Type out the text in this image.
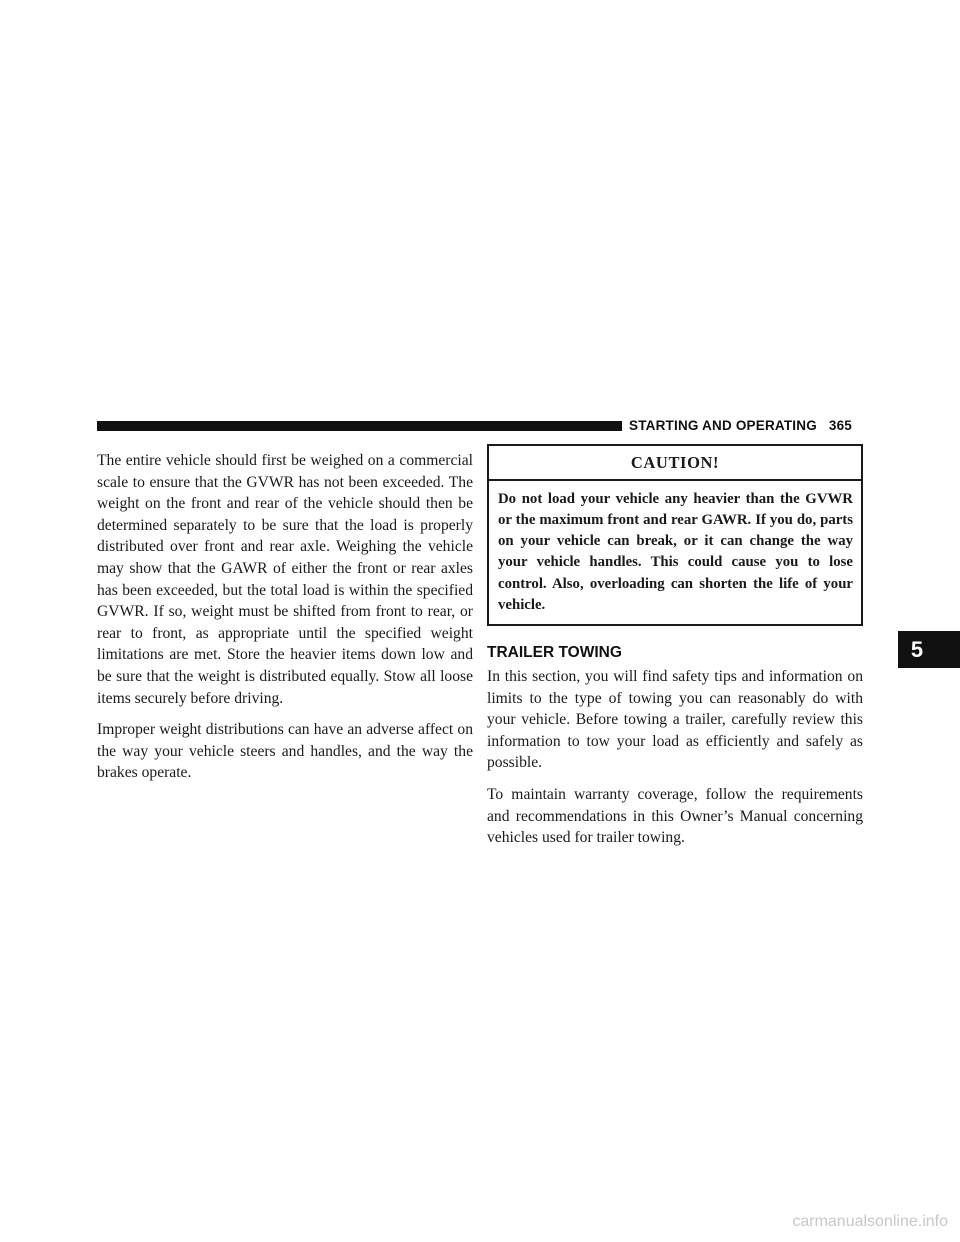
STARTING AND OPERATING 365

The entire vehicle should first be weighed on a commercial scale to ensure that the GVWR has not been exceeded. The weight on the front and rear of the vehicle should then be determined separately to be sure that the load is properly distributed over front and rear axle. Weighing the vehicle may show that the GAWR of either the front or rear axles has been exceeded, but the total load is within the specified GVWR. If so, weight must be shifted from front to rear, or rear to front, as appropriate until the specified weight limitations are met. Store the heavier items down low and be sure that the weight is distributed equally. Stow all loose items securely before driving.

Improper weight distributions can have an adverse affect on the way your vehicle steers and handles, and the way the brakes operate.

CAUTION!
Do not load your vehicle any heavier than the GVWR or the maximum front and rear GAWR. If you do, parts on your vehicle can break, or it can change the way your vehicle handles. This could cause you to lose control. Also, overloading can shorten the life of your vehicle.
TRAILER TOWING

In this section, you will find safety tips and information on limits to the type of towing you can reasonably do with your vehicle. Before towing a trailer, carefully review this information to tow your load as efficiently and safely as possible.

To maintain warranty coverage, follow the requirements and recommendations in this Owner’s Manual concerning vehicles used for trailer towing.

5
carmanualsonline.info
